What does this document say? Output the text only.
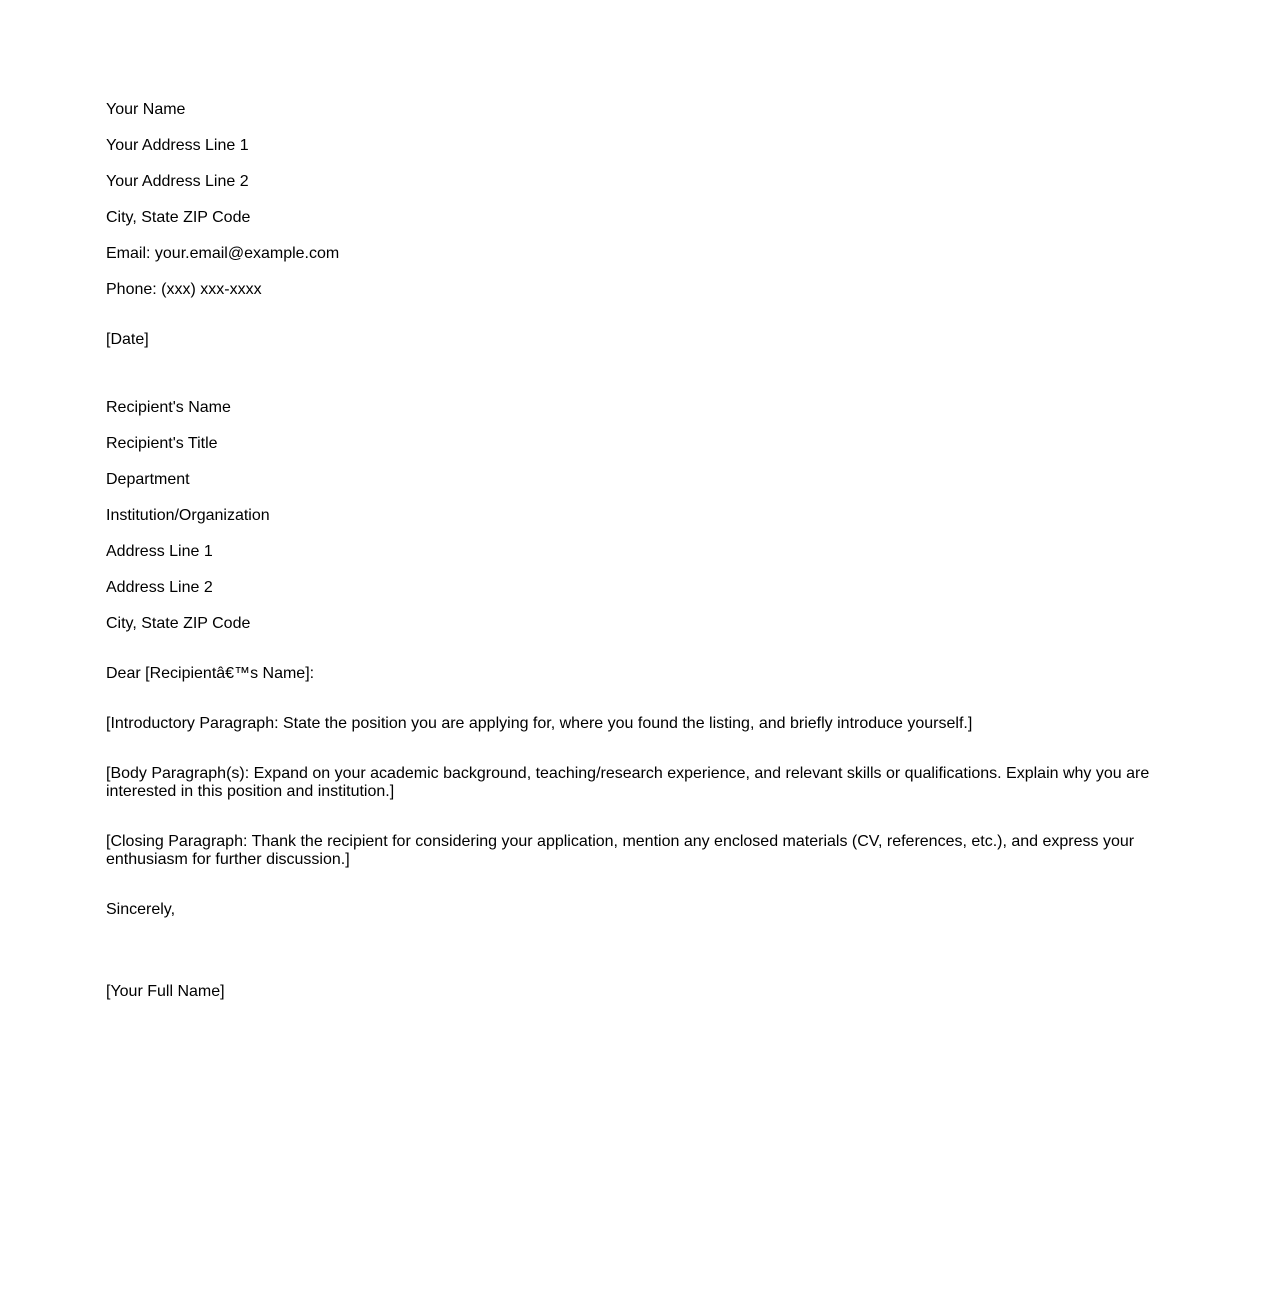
Your Name
Your Address Line 1
Your Address Line 2
City, State ZIP Code
Email: your.email@example.com
Phone: (xxx) xxx-xxxx
[Date]
Recipient's Name
Recipient's Title
Department
Institution/Organization
Address Line 1
Address Line 2
City, State ZIP Code
Dear [Recipientâ€™s Name]:
[Introductory Paragraph: State the position you are applying for, where you found the listing, and briefly introduce yourself.]
[Body Paragraph(s): Expand on your academic background, teaching/research experience, and relevant skills or qualifications. Explain why you are interested in this position and institution.]
[Closing Paragraph: Thank the recipient for considering your application, mention any enclosed materials (CV, references, etc.), and express your enthusiasm for further discussion.]
Sincerely,
[Your Full Name]
